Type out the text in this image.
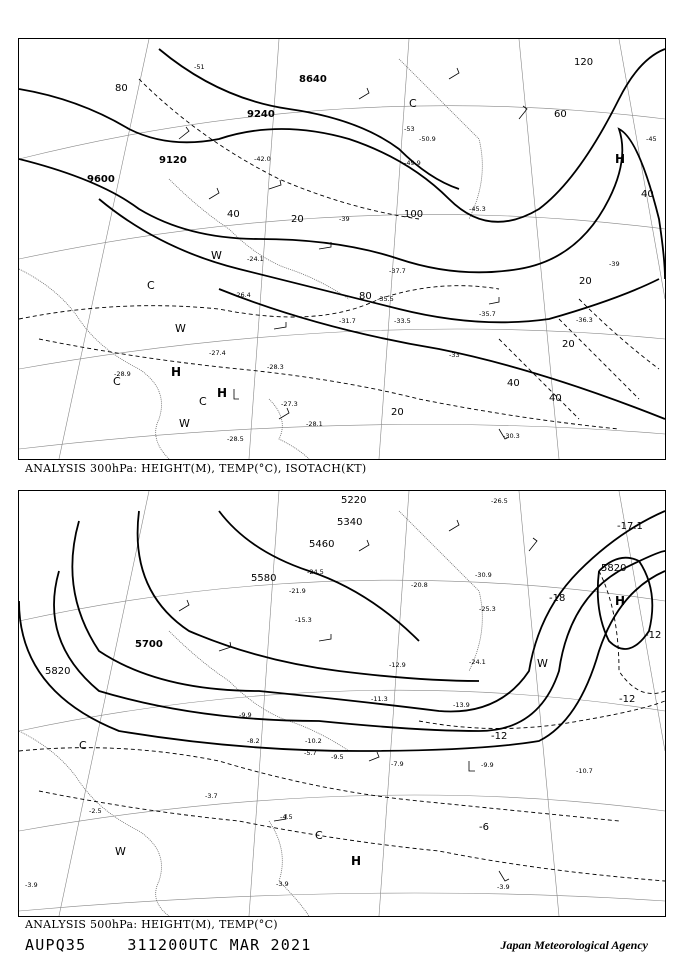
9600
9120
8640
9240
80
40
120
60
20	100
40
80
20
40
20
20
40
-51
-42.0
-39
-35.5
-37.7
-31.7	-33.5
-35.7
-28.9
-27.4
-27.3
-28.1
-28.5
-36.3
-39
-30.3
-45
-49.9
-53
-50.9
-45.3
-33
-28.3
-26.4
-24.1
H
H
H
C
C
C
C
W
W
W
ANALYSIS 300hPa: HEIGHT(M), TEMP(°C), ISOTACH(KT)
5220
5340
5460
5580
5700
5820
5820
-18
-12
-12
-6
-12
-17.1
-24.5
-21.9
-15.3
-12.9
-9.9
-7.9
-8.2	-10.2
-5.7 -9.5
-11.3
-13.9
-9.9
-10.7
-4.5
-3.9
-3.7
-2.5
-3.9	-3.9
-20.8
-25.3
-24.1
-30.9
-26.5
H
H
C
C
W
W
ANALYSIS 500hPa: HEIGHT(M), TEMP(°C)
AUPQ35	311200UTC MAR 2021	Japan Meteorological Agency
